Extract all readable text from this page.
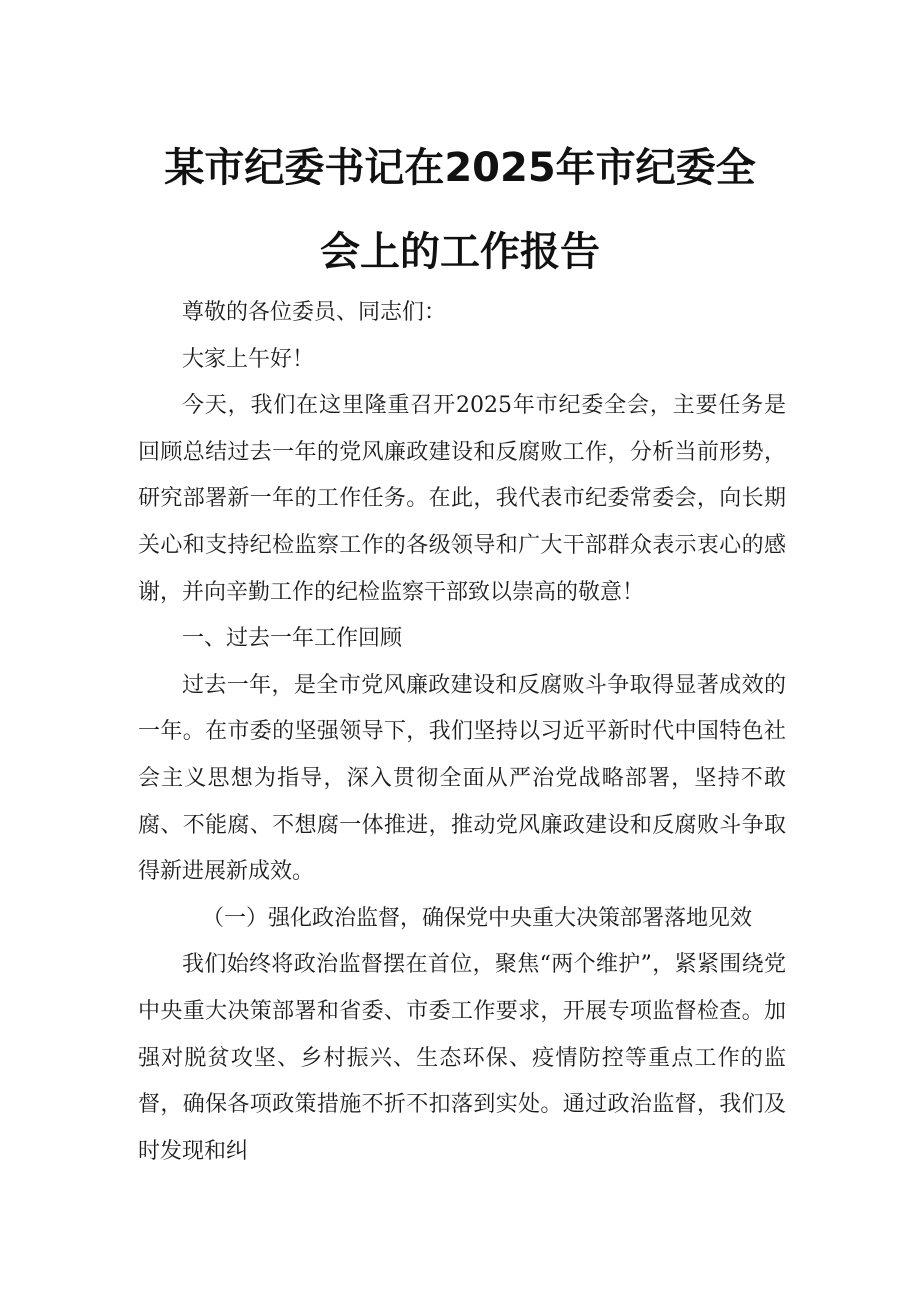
某市纪委书记在2025年市纪委全
会上的工作报告

尊敬的各位委员、同志们：

大家上午好！

今天，我们在这里隆重召开2025年市纪委全会，主要任务是回顾总结过去一年的党风廉政建设和反腐败工作，分析当前形势，研究部署新一年的工作任务。在此，我代表市纪委常委会，向长期关心和支持纪检监察工作的各级领导和广大干部群众表示衷心的感谢，并向辛勤工作的纪检监察干部致以崇高的敬意！

一、过去一年工作回顾

过去一年，是全市党风廉政建设和反腐败斗争取得显著成效的一年。在市委的坚强领导下，我们坚持以习近平新时代中国特色社会主义思想为指导，深入贯彻全面从严治党战略部署，坚持不敢腐、不能腐、不想腐一体推进，推动党风廉政建设和反腐败斗争取得新进展新成效。

（一）强化政治监督，确保党中央重大决策部署落地见效

我们始终将政治监督摆在首位，聚焦“两个维护”，紧紧围绕党中央重大决策部署和省委、市委工作要求，开展专项监督检查。加强对脱贫攻坚、乡村振兴、生态环保、疫情防控等重点工作的监督，确保各项政策措施不折不扣落到实处。通过政治监督，我们及时发现和纠
